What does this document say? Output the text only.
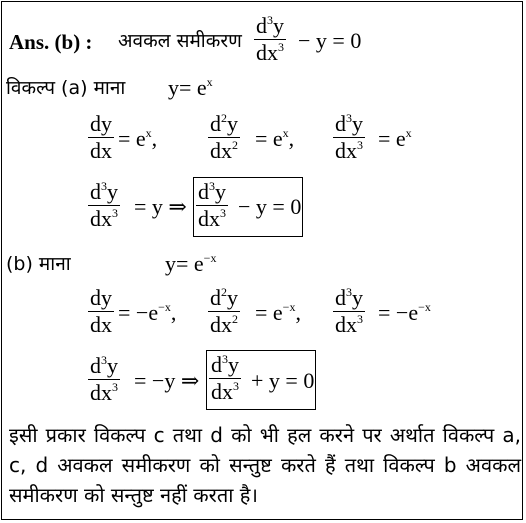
Ans. (b) : अवकल समीकरण
$d^3y$
$dx^3 - y = 0$
विकल्प (a) माना $y= e^x$
dy
dx = $e^x$,
$d^2y$
$dx^2 = e^x$,
$d^3y$
$dx^3 = e^x$
$d^3y$
$dx^3 = y$ ⇒
$d^3y$
$dx^3 - y = 0$
(b) माना	$y= e^{-x}$
dy
dx = $-e^{-x}$,
$d^2y$
$dx^2 = e^{-x}$,
$d^3y$
$dx^3 = -e^{-x}$
$d^3y$
$dx^3 = -y$ ⇒
$d^3y$
$dx^3 + y = 0$
इसी प्रकार विकल्प c तथा d को भी हल करने पर अर्थात विकल्प a, c, d अवकल समीकरण को सन्तुष्ट करते हैं तथा विकल्प b अवकल समीकरण को सन्तुष्ट नहीं करता है।
